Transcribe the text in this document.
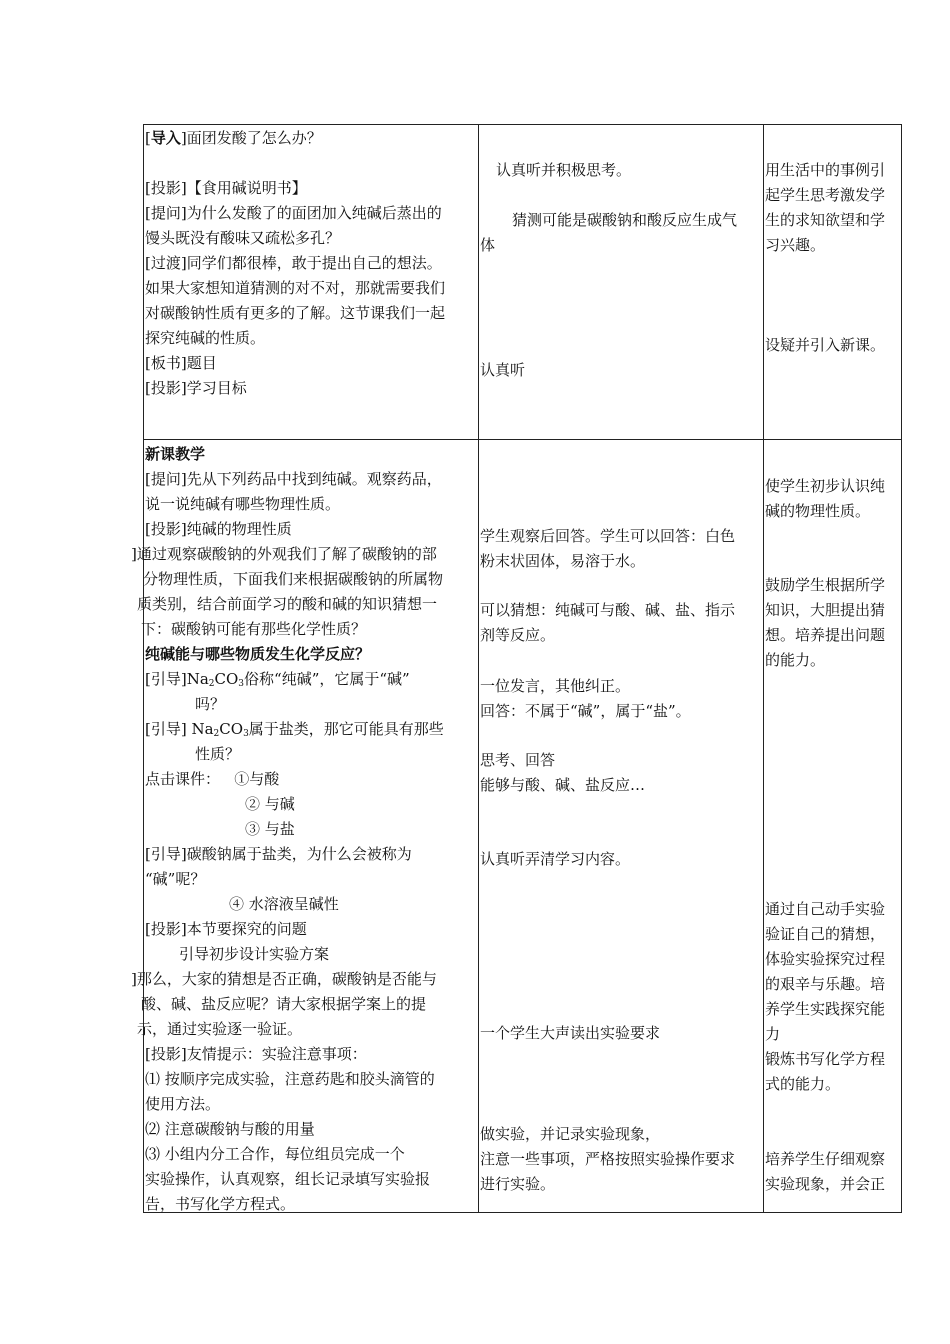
[导入]面团发酸了怎么办？
[投影]【食用碱说明书】
[提问]为什么发酸了的面团加入纯碱后蒸出的
馒头既没有酸味又疏松多孔？
[过渡]同学们都很棒，敢于提出自己的想法。
如果大家想知道猜测的对不对，那就需要我们
对碳酸钠性质有更多的了解。这节课我们一起
探究纯碱的性质。
[板书]题目
[投影]学习目标
认真听并积极思考。
猜测可能是碳酸钠和酸反应生成气
体
认真听
用生活中的事例引
起学生思考激发学
生的求知欲望和学
习兴趣。
设疑并引入新课。
新课教学
[提问]先从下列药品中找到纯碱。观察药品，
说一说纯碱有哪些物理性质。
[投影]纯碱的物理性质
]通过观察碳酸钠的外观我们了解了碳酸钠的部
分物理性质，下面我们来根据碳酸钠的所属物
质类别，结合前面学习的酸和碱的知识猜想一
下：碳酸钠可能有那些化学性质？
纯碱能与哪些物质发生化学反应？
[引导]$Na_2CO_3$俗称“纯碱”，它属于“碱”
吗？
[引导] $Na_2CO_3$属于盐类，那它可能具有那些
性质？
点击课件：   ①与酸
② 与碱
③ 与盐
[引导]碳酸钠属于盐类，为什么会被称为
“碱”呢？
④ 水溶液呈碱性
[投影]本节要探究的问题
引导初步设计实验方案
]那么，大家的猜想是否正确，碳酸钠是否能与
酸、碱、盐反应呢？请大家根据学案上的提
示，通过实验逐一验证。
[投影]友情提示：实验注意事项：
⑴ 按顺序完成实验，注意药匙和胶头滴管的
使用方法。
⑵ 注意碳酸钠与酸的用量
⑶ 小组内分工合作，每位组员完成一个
实验操作，认真观察，组长记录填写实验报
告，书写化学方程式。
学生观察后回答。学生可以回答：白色
粉末状固体，易溶于水。
可以猜想：纯碱可与酸、碱、盐、指示
剂等反应。
一位发言，其他纠正。
回答：不属于“碱”，属于“盐”。
思考、回答
能够与酸、碱、盐反应…
认真听弄清学习内容。
一个学生大声读出实验要求
做实验，并记录实验现象，
注意一些事项，严格按照实验操作要求
进行实验。
使学生初步认识纯
碱的物理性质。
鼓励学生根据所学
知识，大胆提出猜
想。培养提出问题
的能力。
通过自己动手实验
验证自己的猜想，
体验实验探究过程
的艰辛与乐趣。培
养学生实践探究能
力
锻炼书写化学方程
式的能力。
培养学生仔细观察
实验现象，并会正
